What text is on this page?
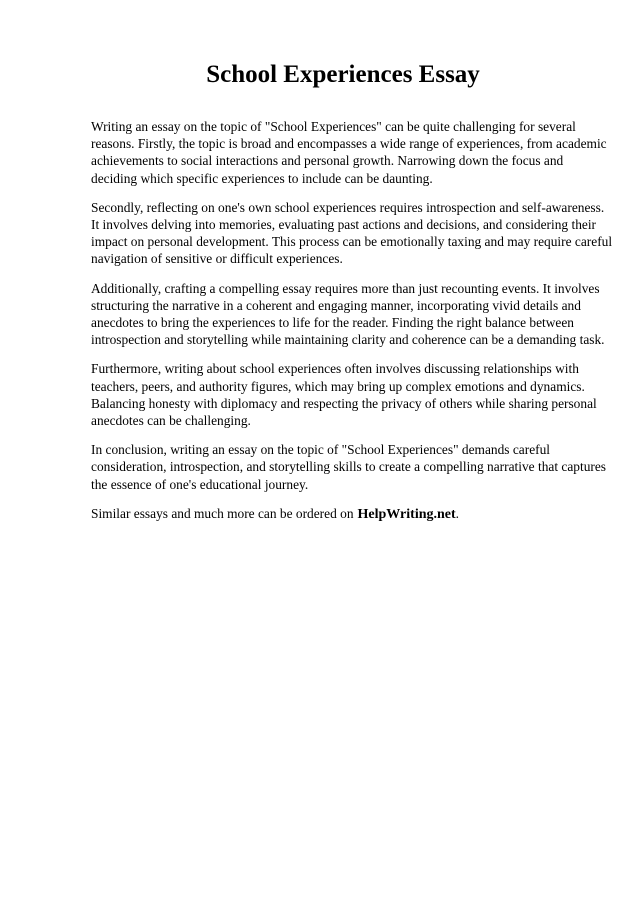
School Experiences Essay

Writing an essay on the topic of "School Experiences" can be quite challenging for several
reasons. Firstly, the topic is broad and encompasses a wide range of experiences, from academic
achievements to social interactions and personal growth. Narrowing down the focus and
deciding which specific experiences to include can be daunting.

Secondly, reflecting on one's own school experiences requires introspection and self-awareness.
It involves delving into memories, evaluating past actions and decisions, and considering their
impact on personal development. This process can be emotionally taxing and may require careful
navigation of sensitive or difficult experiences.

Additionally, crafting a compelling essay requires more than just recounting events. It involves
structuring the narrative in a coherent and engaging manner, incorporating vivid details and
anecdotes to bring the experiences to life for the reader. Finding the right balance between
introspection and storytelling while maintaining clarity and coherence can be a demanding task.

Furthermore, writing about school experiences often involves discussing relationships with
teachers, peers, and authority figures, which may bring up complex emotions and dynamics.
Balancing honesty with diplomacy and respecting the privacy of others while sharing personal
anecdotes can be challenging.

In conclusion, writing an essay on the topic of "School Experiences" demands careful
consideration, introspection, and storytelling skills to create a compelling narrative that captures
the essence of one's educational journey.

Similar essays and much more can be ordered on HelpWriting.net.
